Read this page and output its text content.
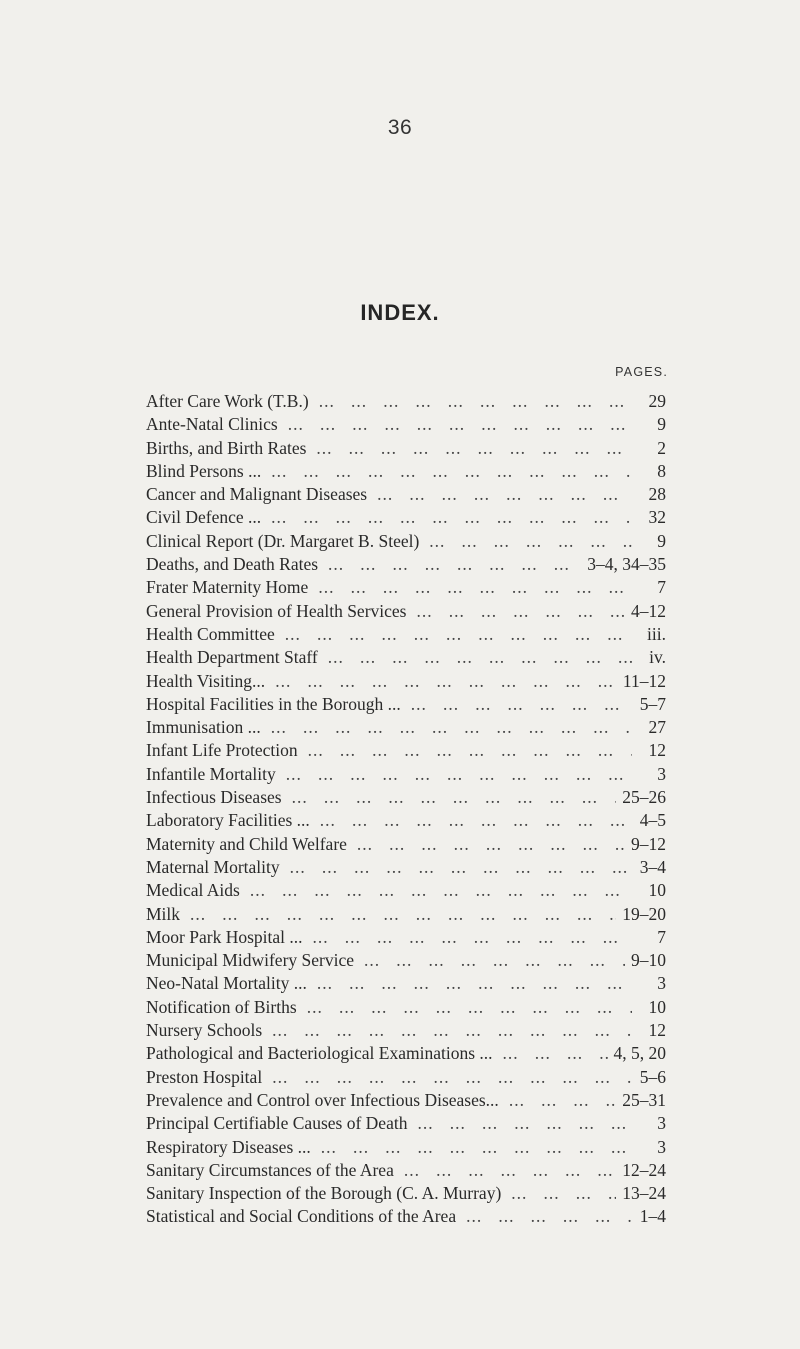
36
INDEX.
PAGES.
After Care Work (T.B.) ...	29
Ante-Natal Clinics ...	9
Births, and Birth Rates ...	2
Blind Persons ... ...	8
Cancer and Malignant Diseases ...	28
Civil Defence ... ...	32
Clinical Report (Dr. Margaret B. Steel) ...	9
Deaths, and Death Rates ...	3–4, 34–35
Frater Maternity Home ...	7
General Provision of Health Services ...	4–12
Health Committee ...	iii.
Health Department Staff ...	iv.
Health Visiting... ...	11–12
Hospital Facilities in the Borough ... ...	5–7
Immunisation ... ...	27
Infant Life Protection ...	12
Infantile Mortality ...	3
Infectious Diseases ...	25–26
Laboratory Facilities ... ...	4–5
Maternity and Child Welfare ...	9–12
Maternal Mortality ...	3–4
Medical Aids ...	10
Milk ...	19–20
Moor Park Hospital ... ...	7
Municipal Midwifery Service ...	9–10
Neo-Natal Mortality ... ...	3
Notification of Births ...	10
Nursery Schools ...	12
Pathological and Bacteriological Examinations ... ...	4, 5, 20
Preston Hospital ...	5–6
Prevalence and Control over Infectious Diseases... ...	25–31
Principal Certifiable Causes of Death ...	3
Respiratory Diseases ... ...	3
Sanitary Circumstances of the Area ...	12–24
Sanitary Inspection of the Borough (C. A. Murray) ...	13–24
Statistical and Social Conditions of the Area ...	1–4
